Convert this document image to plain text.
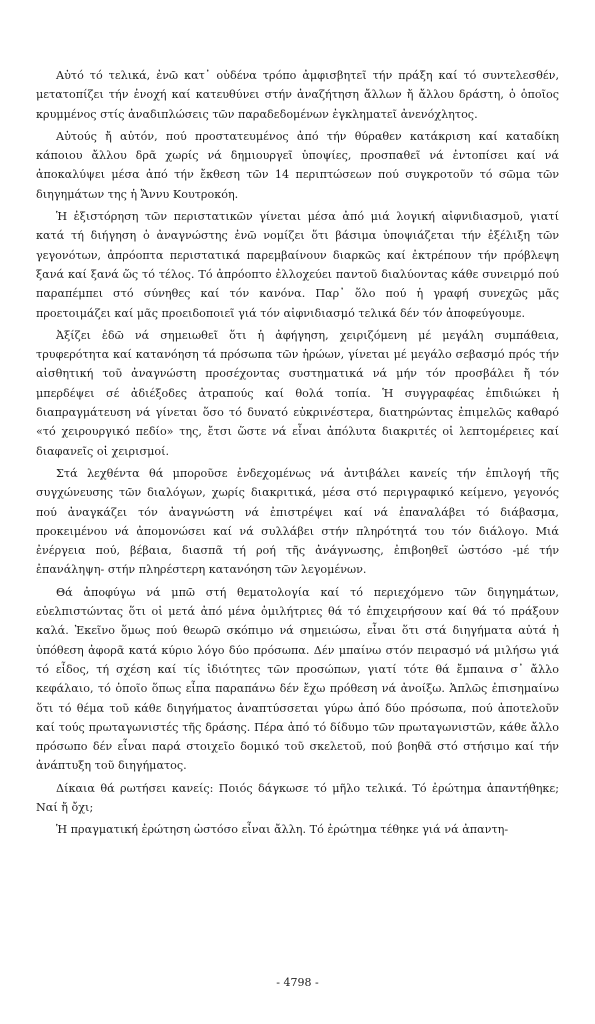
Αὐτό τό τελικά, ἐνῶ κατ᾽ οὐδένα τρόπο ἀμφισβητεῖ τήν πράξη καί τό συντελεσθέν, μετατοπίζει τήν ἐνοχή καί κατευθύνει στήν ἀναζήτηση ἄλλων ἤ ἄλλου δράστη, ὁ ὁποῖος κρυμμένος στίς ἀναδιπλώσεις τῶν παραδεδομένων ἐγκληματεῖ ἀνενόχλητος.

Αὐτούς ἤ αὐτόν, πού προστατευμένος ἀπό τήν θύραθεν κατάκριση καί καταδίκη κάποιου ἄλλου δρᾶ χωρίς νά δημιουργεῖ ὑποψίες, προσπαθεῖ νά ἐντοπίσει καί νά ἀποκαλύψει μέσα ἀπό τήν ἔκθεση τῶν 14 περιπτώσεων πού συγκροτοῦν τό σῶμα τῶν διηγημάτων της ἡ Ἄννυ Κουτροκόη.

Ἡ ἐξιστόρηση τῶν περιστατικῶν γίνεται μέσα ἀπό μιά λογική αἰφνιδιασμοῦ, γιατί κατά τή διήγηση ὁ ἀναγνώστης ἐνῶ νομίζει ὅτι βάσιμα ὑποψιάζεται τήν ἐξέλιξη τῶν γεγονότων, ἀπρόοπτα περιστατικά παρεμβαίνουν διαρκῶς καί ἐκτρέπουν τήν πρόβλεψη ξανά καί ξανά ὥς τό τέλος. Τό ἀπρόοπτο ἐλλοχεύει παντοῦ διαλύοντας κάθε συνειρμό πού παραπέμπει στό σύνηθες καί τόν κανόνα. Παρ᾽ ὅλο πού ἡ γραφή συνεχῶς μᾶς προετοιμάζει καί μᾶς προειδοποιεῖ γιά τόν αἰφνιδιασμό τελικά δέν τόν ἀποφεύγουμε.

Ἀξίζει ἐδῶ νά σημειωθεῖ ὅτι ἡ ἀφήγηση, χειριζόμενη μέ μεγάλη συμπάθεια, τρυφερότητα καί κατανόηση τά πρόσωπα τῶν ἡρώων, γίνεται μέ μεγάλο σεβασμό πρός τήν αἰσθητική τοῦ ἀναγνώστη προσέχοντας συστηματικά νά μήν τόν προσβάλει ἤ τόν μπερδέψει σέ ἀδιέξοδες ἀτραπούς καί θολά τοπία. Ἡ συγγραφέας ἐπιδιώκει ἡ διαπραγμάτευση νά γίνεται ὅσο τό δυνατό εὐκρινέστερα, διατηρώντας ἐπιμελῶς καθαρό «τό χειρουργικό πεδίο» της, ἔτσι ὥστε νά εἶναι ἀπόλυτα διακριτές οἱ λεπτομέρειες καί διαφανεῖς οἱ χειρισμοί.

Στά λεχθέντα θά μποροῦσε ἐνδεχομένως νά ἀντιβάλει κανείς τήν ἐπιλογή τῆς συγχώνευσης τῶν διαλόγων, χωρίς διακριτικά, μέσα στό περιγραφικό κείμενο, γεγονός πού ἀναγκάζει τόν ἀναγνώστη νά ἐπιστρέψει καί νά ἐπαναλάβει τό διάβασμα, προκειμένου νά ἀπομονώσει καί νά συλλάβει στήν πληρότητά του τόν διάλογο. Μιά ἐνέργεια πού, βέβαια, διασπᾶ τή ροή τῆς ἀνάγνωσης, ἐπιβοηθεῖ ὡστόσο -μέ τήν ἐπανάληψη- στήν πληρέστερη κατανόηση τῶν λεγομένων.

Θά ἀποφύγω νά μπῶ στή θεματολογία καί τό περιεχόμενο τῶν διηγημάτων, εὐελπιστώντας ὅτι οἱ μετά ἀπό μένα ὁμιλήτριες θά τό ἐπιχειρήσουν καί θά τό πράξουν καλά. Ἐκεῖνο ὅμως πού θεωρῶ σκόπιμο νά σημειώσω, εἶναι ὅτι στά διηγήματα αὐτά ἡ ὑπόθεση ἀφορᾶ κατά κύριο λόγο δύο πρόσωπα. Δέν μπαίνω στόν πειρασμό νά μιλήσω γιά τό εἶδος, τή σχέση καί τίς ἰδιότητες τῶν προσώπων, γιατί τότε θά ἔμπαινα σ᾽ ἄλλο κεφάλαιο, τό ὁποῖο ὅπως εἶπα παραπάνω δέν ἔχω πρόθεση νά ἀνοίξω. Ἁπλῶς ἐπισημαίνω ὅτι τό θέμα τοῦ κάθε διηγήματος ἀναπτύσσεται γύρω ἀπό δύο πρόσωπα, πού ἀποτελοῦν καί τούς πρωταγωνιστές τῆς δράσης. Πέρα ἀπό τό δίδυμο τῶν πρωταγωνιστῶν, κάθε ἄλλο πρόσωπο δέν εἶναι παρά στοιχεῖο δομικό τοῦ σκελετοῦ, πού βοηθᾶ στό στήσιμο καί τήν ἀνάπτυξη τοῦ διηγήματος.

Δίκαια θά ρωτήσει κανείς: Ποιός δάγκωσε τό μῆλο τελικά. Τό ἐρώτημα ἀπαντήθηκε; Ναί ἤ ὄχι;

Ἡ πραγματική ἐρώτηση ὡστόσο εἶναι ἄλλη. Τό ἐρώτημα τέθηκε γιά νά ἀπαντη-

- 4798 -
